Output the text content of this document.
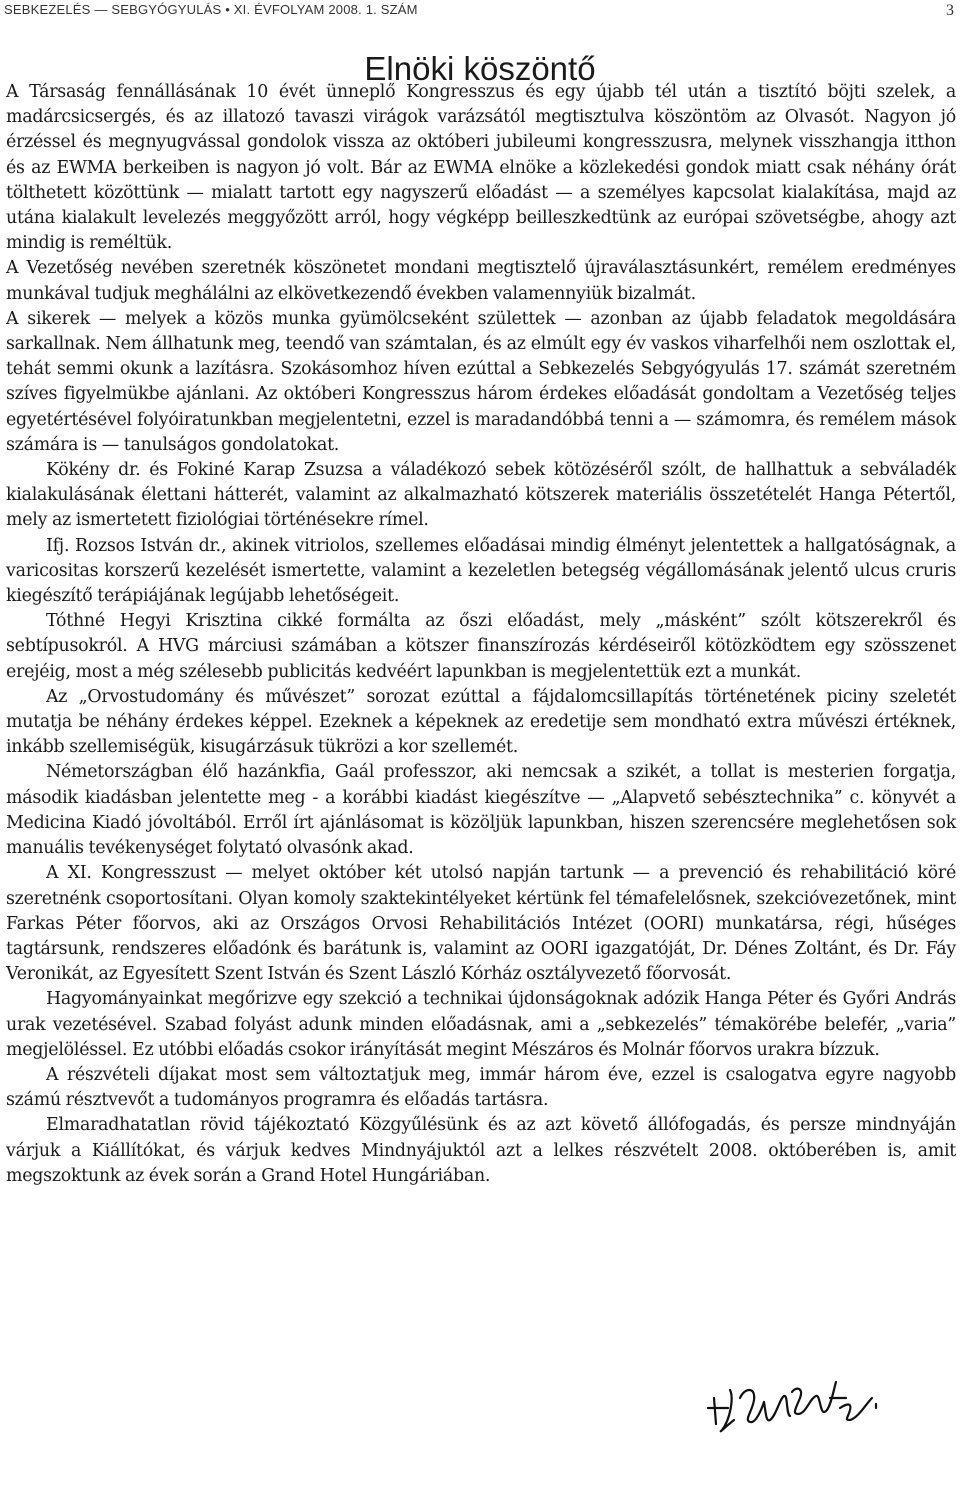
SEBKEZELÉS — SEBGYÓGYULÁS • XI. ÉVFOLYAM 2008. 1. SZÁM	3
Elnöki köszöntő

A Társaság fennállásának 10 évét ünneplő Kongresszus és egy újabb tél után a tisztító böjti szelek, a madárcsicsergés, és az illatozó tavaszi virágok varázsától megtisztulva köszöntöm az Olvasót. Nagyon jó érzéssel és megnyugvással gondolok vissza az októberi jubileumi kongresszusra, melynek visszhangja itthon és az EWMA berkeiben is nagyon jó volt. Bár az EWMA elnöke a közlekedési gondok miatt csak néhány órát tölthetett közöttünk — mialatt tartott egy nagyszerű előadást — a személyes kapcsolat kialakítása, majd az utána kialakult levelezés meggyőzött arról, hogy végképp beilleszkedtünk az európai szövetségbe, ahogy azt mindig is reméltük.

A Vezetőség nevében szeretnék köszönetet mondani megtisztelő újraválasztásunkért, remélem eredményes munkával tudjuk meghálálni az elkövetkezendő években valamennyiük bizalmát.

A sikerek — melyek a közös munka gyümölcseként születtek — azonban az újabb feladatok megoldására sarkallnak. Nem állhatunk meg, teendő van számtalan, és az elmúlt egy év vaskos viharfelhői nem oszlottak el, tehát semmi okunk a lazításra. Szokásomhoz híven ezúttal a Sebkezelés Sebgyógyulás 17. számát szeretném szíves figyelmükbe ajánlani. Az októberi Kongresszus három érdekes előadását gondoltam a Vezetőség teljes egyetértésével folyóiratunkban megjelentetni, ezzel is maradandóbbá tenni a — számomra, és remélem mások számára is — tanulságos gondolatokat.

Kökény dr. és Fokiné Karap Zsuzsa a váladékozó sebek kötözéséről szólt, de hallhattuk a sebváladék kialakulásának élettani hátterét, valamint az alkalmazható kötszerek materiális összetételét Hanga Pétertől, mely az ismertetett fiziológiai történésekre rímel.

Ifj. Rozsos István dr., akinek vitriolos, szellemes előadásai mindig élményt jelentettek a hallgatóságnak, a varicositas korszerű kezelését ismertette, valamint a kezeletlen betegség végállomásának jelentő ulcus cruris kiegészítő terápiájának legújabb lehetőségeit.

Tóthné Hegyi Krisztina cikké formálta az őszi előadást, mely „másként” szólt kötszerekről és sebtípusokról. A HVG márciusi számában a kötszer finanszírozás kérdéseiről kötözködtem egy szösszenet erejéig, most a még szélesebb publicitás kedvéért lapunkban is megjelentettük ezt a munkát.

Az „Orvostudomány és művészet” sorozat ezúttal a fájdalomcsillapítás történetének piciny szeletét mutatja be néhány érdekes képpel. Ezeknek a képeknek az eredetije sem mondható extra művészi értéknek, inkább szellemiségük, kisugárzásuk tükrözi a kor szellemét.

Németországban élő hazánkfia, Gaál professzor, aki nemcsak a szikét, a tollat is mesterien forgatja, második kiadásban jelentette meg - a korábbi kiadást kiegészítve — „Alapvető sebésztechnika” c. könyvét a Medicina Kiadó jóvoltából. Erről írt ajánlásomat is közöljük lapunkban, hiszen szerencsére meglehetősen sok manuális tevékenységet folytató olvasónk akad.

A XI. Kongresszust — melyet október két utolsó napján tartunk — a prevenció és rehabilitáció köré szeretnénk csoportosítani. Olyan komoly szaktekintélyeket kértünk fel témafelelősnek, szekcióvezetőnek, mint Farkas Péter főorvos, aki az Országos Orvosi Rehabilitációs Intézet (OORI) munkatársa, régi, hűséges tagtársunk, rendszeres előadónk és barátunk is, valamint az OORI igazgatóját, Dr. Dénes Zoltánt, és Dr. Fáy Veronikát, az Egyesített Szent István és Szent László Kórház osztályvezető főorvosát.

Hagyományainkat megőrizve egy szekció a technikai újdonságoknak adózik Hanga Péter és Győri András urak vezetésével. Szabad folyást adunk minden előadásnak, ami a „sebkezelés” témakörébe belefér, „varia” megjelöléssel. Ez utóbbi előadás csokor irányítását megint Mészáros és Molnár főorvos urakra bízzuk.

A részvételi díjakat most sem változtatjuk meg, immár három éve, ezzel is csalogatva egyre nagyobb számú résztvevőt a tudományos programra és előadás tartásra.

Elmaradhatatlan rövid tájékoztató Közgyűlésünk és az azt követő állófogadás, és persze mindnyáján várjuk a Kiállítókat, és várjuk kedves Mindnyájuktól azt a lelkes részvételt 2008. októberében is, amit megszoktunk az évek során a Grand Hotel Hungáriában.
